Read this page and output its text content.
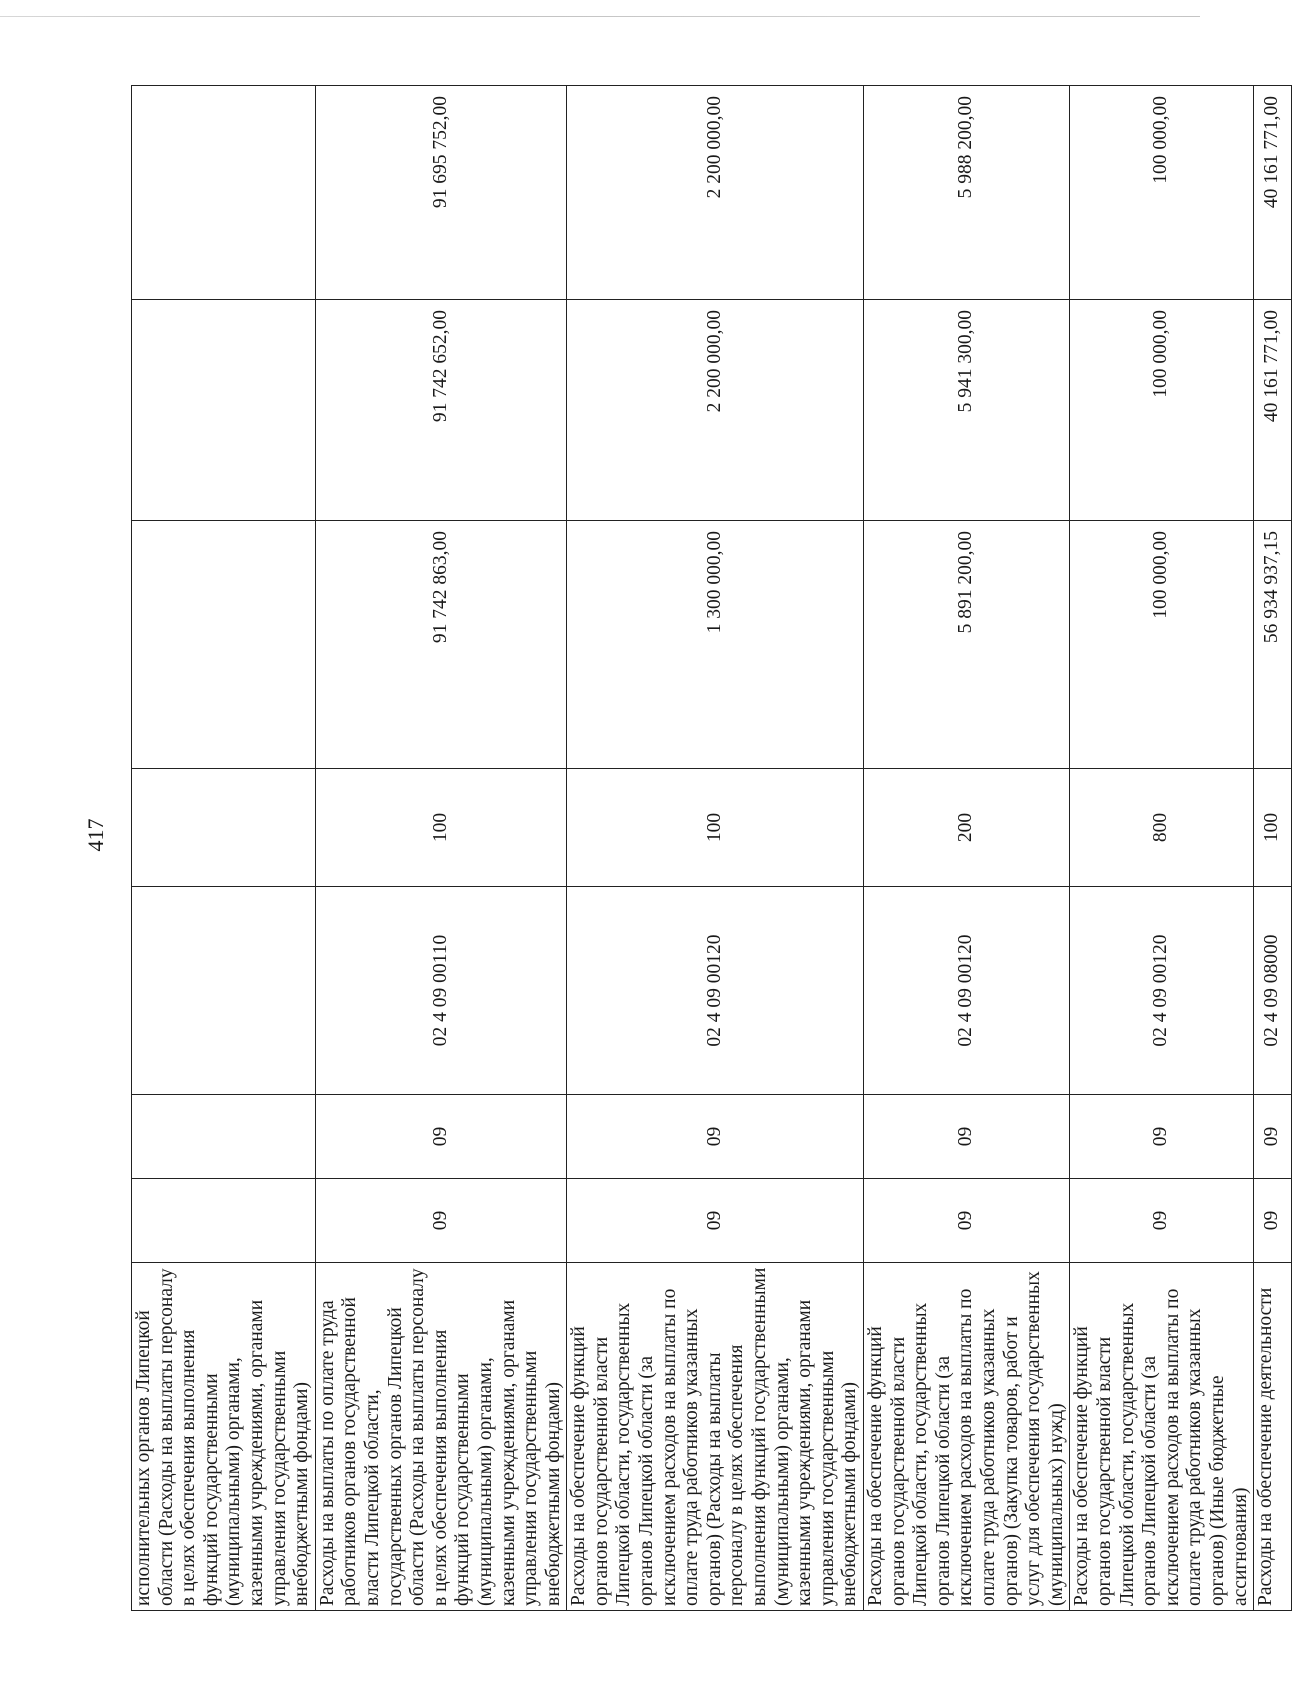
417
исполнительных органов Липецкой области (Расходы на выплаты персоналу в целях обеспечения выполнения функций государственными (муниципальными) органами, казенными учреждениями, органами управления государственными внебюджетными фондами)							
Расходы на выплаты по оплате труда работников органов государственной власти Липецкой области, государственных органов Липецкой области (Расходы на выплаты персоналу в целях обеспечения выполнения функций государственными (муниципальными) органами, казенными учреждениями, органами управления государственными внебюджетными фондами)	09	09	02 4 09 00110	100	91 742 863,00	91 742 652,00	91 695 752,00
Расходы на обеспечение функций органов государственной власти Липецкой области, государственных органов Липецкой области (за исключением расходов на выплаты по оплате труда работников указанных органов) (Расходы на выплаты персоналу в целях обеспечения выполнения функций государственными (муниципальными) органами, казенными учреждениями, органами управления государственными внебюджетными фондами)	09	09	02 4 09 00120	100	1 300 000,00	2 200 000,00	2 200 000,00
Расходы на обеспечение функций органов государственной власти Липецкой области, государственных органов Липецкой области (за исключением расходов на выплаты по оплате труда работников указанных органов) (Закупка товаров, работ и услуг для обеспечения государственных (муниципальных) нужд)	09	09	02 4 09 00120	200	5 891 200,00	5 941 300,00	5 988 200,00
Расходы на обеспечение функций органов государственной власти Липецкой области, государственных органов Липецкой области (за исключением расходов на выплаты по оплате труда работников указанных органов) (Иные бюджетные ассигнования)	09	09	02 4 09 00120	800	100 000,00	100 000,00	100 000,00
Расходы на обеспечение деятельности	09	09	02 4 09 08000	100	56 934 937,15	40 161 771,00	40 161 771,00
